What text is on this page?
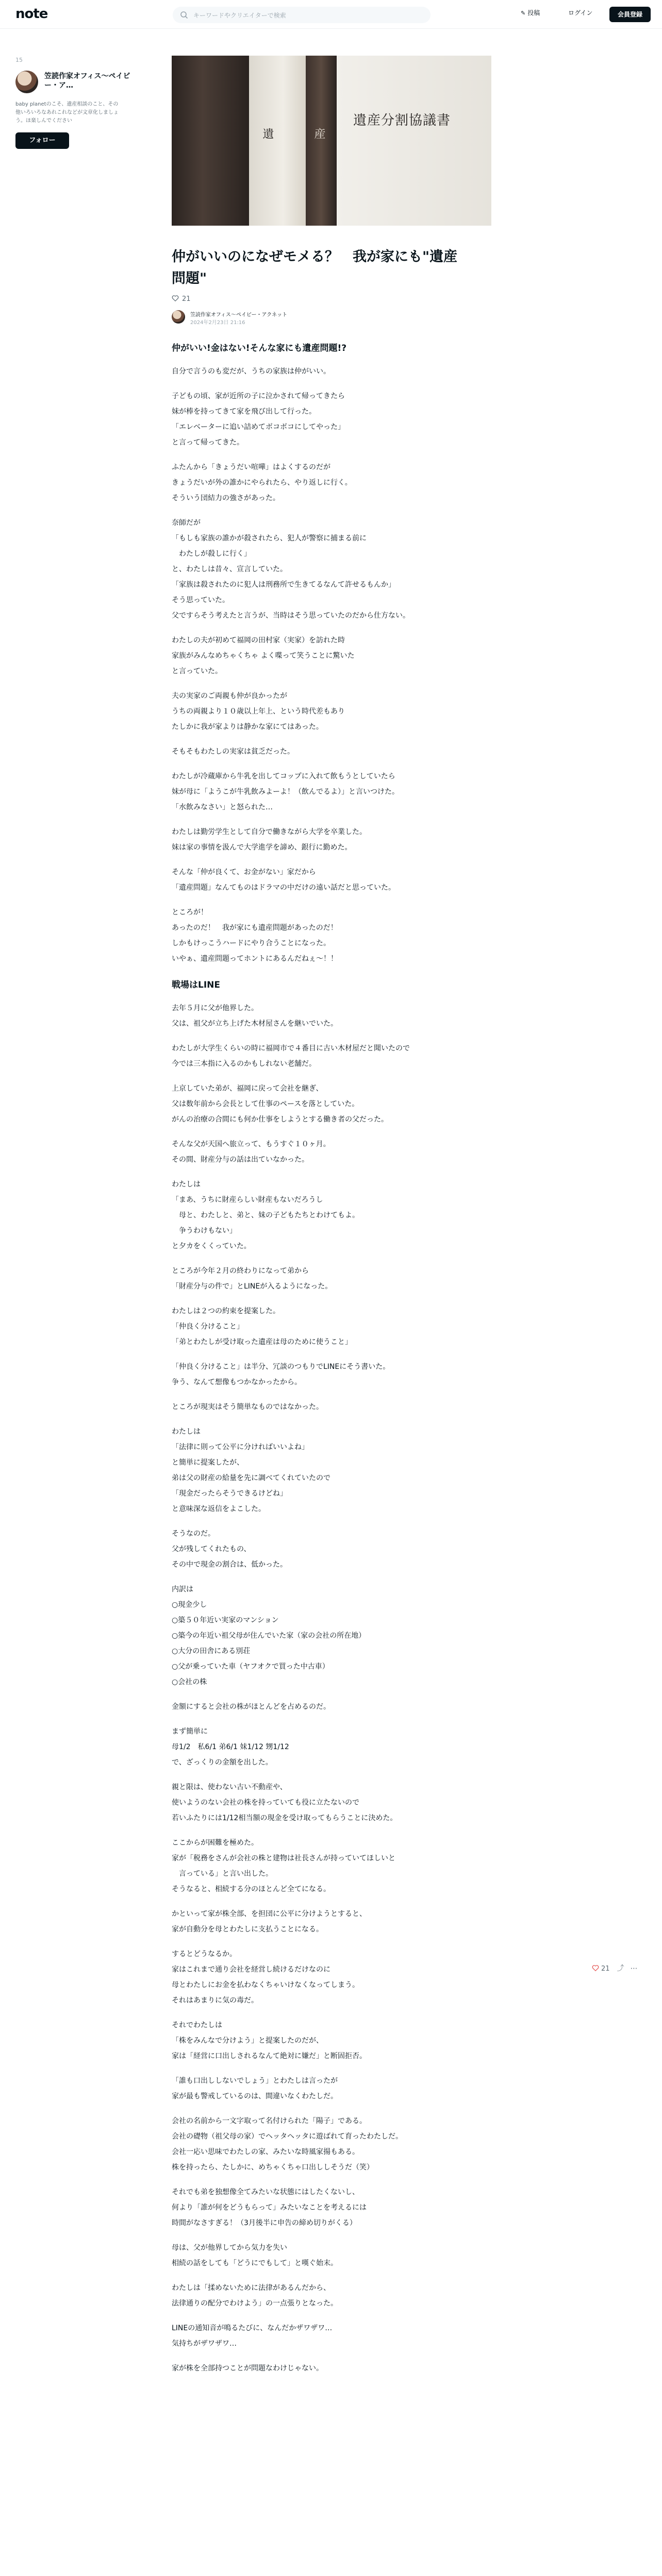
note	キーワードやクリエイターで検索	✎ 投稿	ログイン	会員登録
15
笠読作家オフィス〜ペイビー・ア…
baby planetのこそ、遺産相談のこと、その他いろいろなあれこれなどが文章化しましょう。ほ楽しんでください
フォロー
遺	産
遺産分割協議書
仲がいいのになぜモメる？　我が家にも"遺産問題"
21
笠読作家オフィス〜ペイビー・アクネット
2024年2月23日 21:16
仲がいい!金はない!そんな家にも遺産問題!?

自分で言うのも変だが、うちの家族は仲がいい。

子どもの頃、家が近所の子に泣かされて帰ってきたら
妹が棒を持ってきて家を飛び出して行った。
「エレベーターに追い詰めてボコボコにしてやった」
と言って帰ってきた。

ふたんから「きょうだい喧嘩」はよくするのだが
きょうだいが外の誰かにやられたら、やり返しに行く。
そういう団結力の強さがあった。

奈師だが
「もしも家族の誰かが殺されたら、犯人が警察に捕まる前に
　わたしが殺しに行く」
と、わたしは昔々、宣言していた。
「家族は殺されたのに犯人は刑務所で生きてるなんて許せるもんか」
そう思っていた。
父ですらそう考えたと言うが、当時はそう思っていたのだから仕方ない。

わたしの夫が初めて福岡の田村家（実家）を訪れた時
家族がみんなめちゃくちゃ よく喋って笑うことに驚いた
と言っていた。

夫の実家のご両親も仲が良かったが
うちの両親より１０歳以上年上、という時代差もあり
たしかに我が家よりは静かな家にてはあった。

そもそもわたしの実家は貧乏だった。

わたしが冷蔵庫から牛乳を出してコップに入れて飲もうとしていたら
妹が母に「ようこが牛乳飲みよーよ！（飲んでるよ）」と言いつけた。
「水飲みなさい」と怒られた…

わたしは勤労学生として自分で働きながら大学を卒業した。
妹は家の事情を汲んで大学進学を諦め、銀行に勤めた。

そんな「仲が良くて、お金がない」家だから
「遺産問題」なんてものはドラマの中だけの遠い話だと思っていた。

ところが！
あったのだ！　我が家にも遺産問題があったのだ！
しかもけっこうハードにやり合うことになった。
いやぁ、遺産問題ってホントにあるんだねぇ〜！！

戦場はLINE

去年５月に父が他界した。
父は、祖父が立ち上げた木材屋さんを継いでいた。

わたしが大学生くらいの時に福岡市で４番目に古い木材屋だと聞いたので
今では三本指に入るのかもしれない老舗だ。

上京していた弟が、福岡に戻って会社を継ぎ、
父は数年前から会長として仕事のペースを落としていた。
がんの治療の合間にも何か仕事をしようとする働き者の父だった。

そんな父が天国へ旅立って、もうすぐ１０ヶ月。
その間、財産分与の話は出ていなかった。

わたしは
「まあ、うちに財産らしい財産もないだろうし
　母と、わたしと、弟と、妹の子どもたちとわけてもよ。
　争うわけもない」
と夕カをくくっていた。

ところが今年２月の終わりになって弟から
「財産分与の件で」とLINEが入るようになった。

わたしは２つの約束を提案した。
「仲良く分けること」
「弟とわたしが受け取った遺産は母のために使うこと」

「仲良く分けること」は半分、冗談のつもりでLINEにそう書いた。
争う、なんて想像もつかなかったから。

ところが現実はそう簡単なものではなかった。

わたしは
「法律に則って公平に分ければいいよね」
と簡単に提案したが、
弟は父の財産の給量を先に調べてくれていたので
「現金だったらそうできるけどね」
と意味深な返信をよこした。

そうなのだ。
父が残してくれたもの、
その中で現金の割合は、低かった。

内訳は
○現金少し
○築５０年近い実家のマンション
○築今の年近い祖父母が住んでいた家（家の会社の所在地）
○大分の田舎にある別荘
○父が乗っていた車（ヤフオクで買った中古車）
○会社の株

金額にすると会社の株がほとんどを占めるのだ。

まず簡単に
母1/2　私6/1 弟6/1 妹1/12 甥1/12
で、ざっくりの金額を出した。

親と限は、使わない古い不動産や、
使いようのない会社の株を持っていても役に立たないので
若いふたりには1/12相当額の現金を受け取ってもらうことに決めた。

ここからが困難を極めた。
家が「税務をさんが会社の株と建物は社長さんが持っていてほしいと
　言っている」と言い出した。
そうなると、相続する分のほとんど全てになる。

かといって家が株全部、を担団に公平に分けようとすると、
家が自動分を母とわたしに支払うことになる。

するとどうなるか。
家はこれまで通り会社を経営し続けるだけなのに
母とわたしにお金を払わなくちゃいけなくなってしまう。
それはあまりに気の毒だ。

それでわたしは
「株をみんなで分けよう」と提案したのだが、
家は「経営に口出しされるなんて絶対に嫌だ」と断固拒否。

「誰も口出ししないでしょう」とわたしは言ったが
家が最も警戒しているのは、間違いなくわたしだ。

会社の名前から一文字取って名付けられた「陽子」である。
会社の礎物（祖父母の家）でヘッタヘッタに遊ばれて育ったわたしだ。
会社一応い思味でわたしの家、みたいな時風家揚もある。
株を持ったら、たしかに、めちゃくちゃ口出ししそうだ（笑）

それでも弟を独想像全てみたいな状態にはしたくないし、
何より「誰が何をどうもらって」みたいなことを考えるには
時間がなさすぎる！（3月後半に申告の締め切りがくる）

母は、父が他界してから気力を失い
相続の話をしても「どうにでもして」と嘆ぐ始末。

わたしは「揉めないために法律があるんだから、
法律通りの配分でわけよう」の一点張りとなった。

LINEの通知音が鳴るたびに、なんだかザワザワ…
気持ちがザワザワ…

家が株を全部持つことが問題なわけじゃない。

21 ⤴ ⋯
